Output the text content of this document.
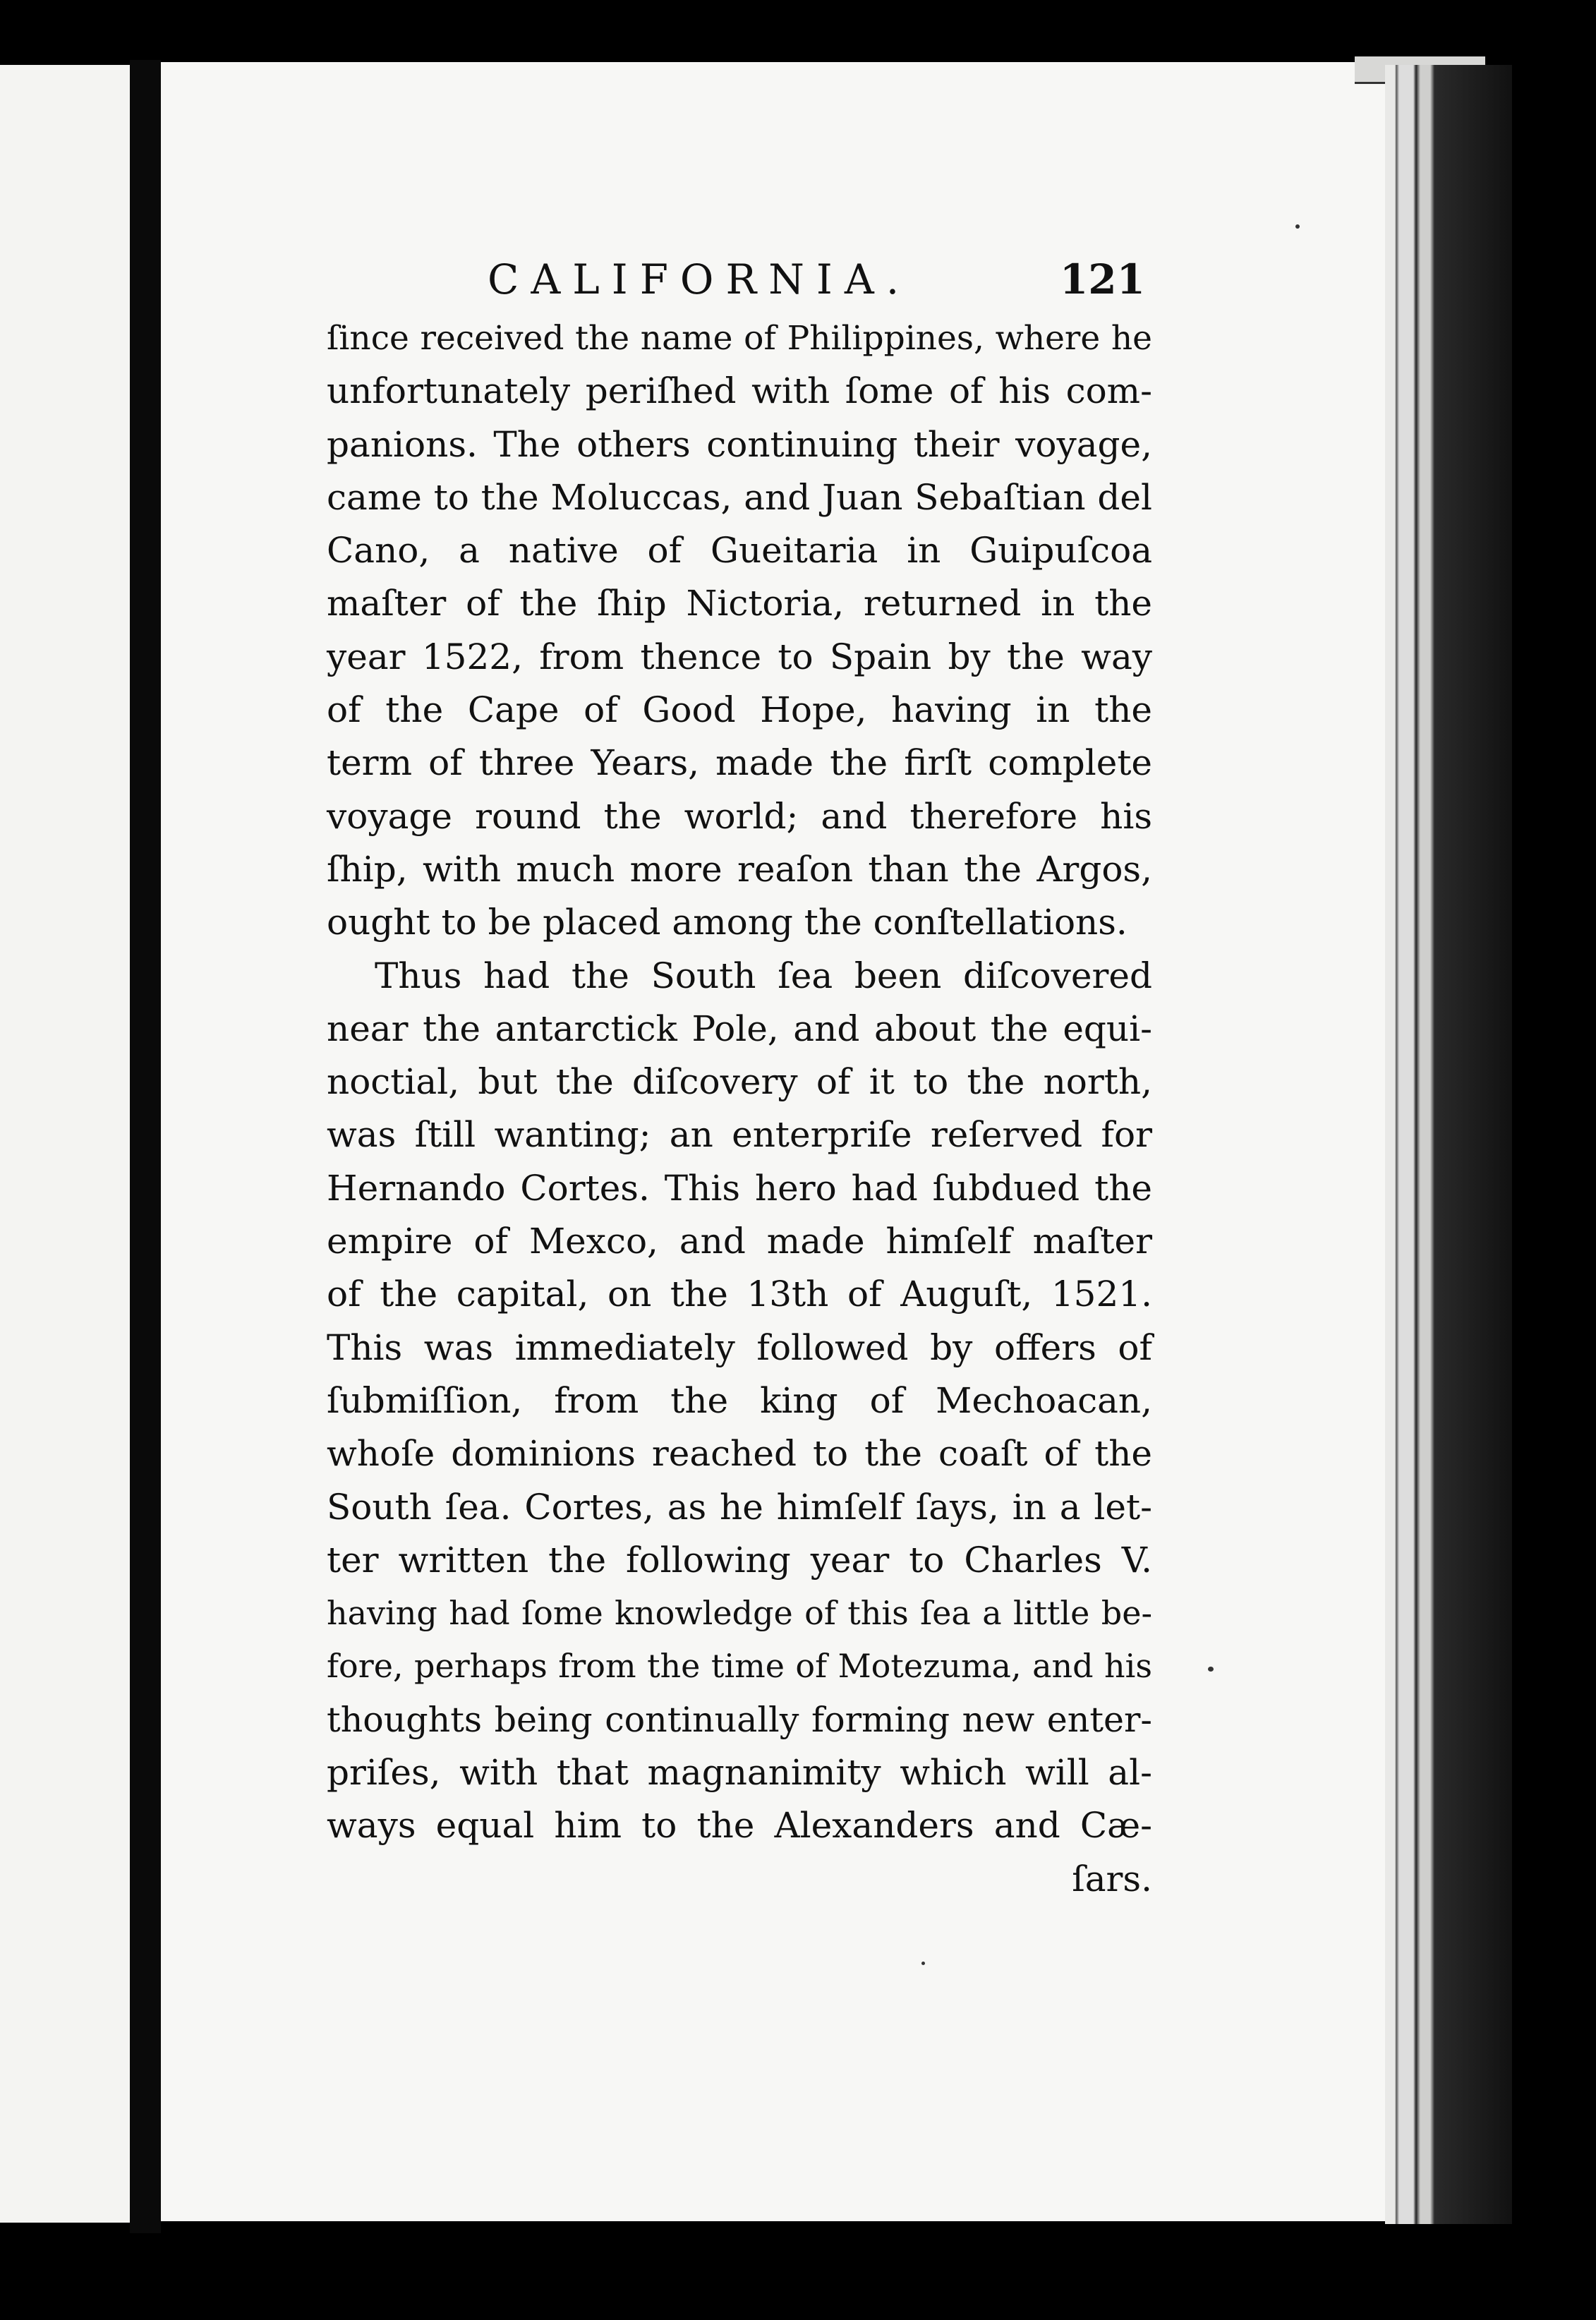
CALIFORNIA.	121
ſince received the name of Philippines, where he
unfortunately periſhed with ſome of his com-
panions. The others continuing their voyage,
came to the Moluccas, and Juan Sebaſtian del
Cano, a native of Gueitaria in Guipuſcoa
maſter of the ſhip Nictoria, returned in the
year 1522, from thence to Spain by the way
of the Cape of Good Hope, having in the
term of three Years, made the firſt complete
voyage round the world; and therefore his
ſhip, with much more reaſon than the Argos,
ought to be placed among the conſtellations.
Thus had the South ſea been diſcovered
near the antarctick Pole, and about the equi-
noctial, but the diſcovery of it to the north,
was ſtill wanting; an enterpriſe reſerved for
Hernando Cortes. This hero had ſubdued the
empire of Mexco, and made himſelf maſter
of the capital, on the 13th of Auguſt, 1521.
This was immediately followed by offers of
ſubmiſſion, from the king of Mechoacan,
whoſe dominions reached to the coaſt of the
South ſea. Cortes, as he himſelf ſays, in a let-
ter written the following year to Charles V.
having had ſome knowledge of this ſea a little be-
fore, perhaps from the time of Motezuma, and his
thoughts being continually forming new enter-
priſes, with that magnanimity which will al-
ways equal him to the Alexanders and Cæ-
ſars.
